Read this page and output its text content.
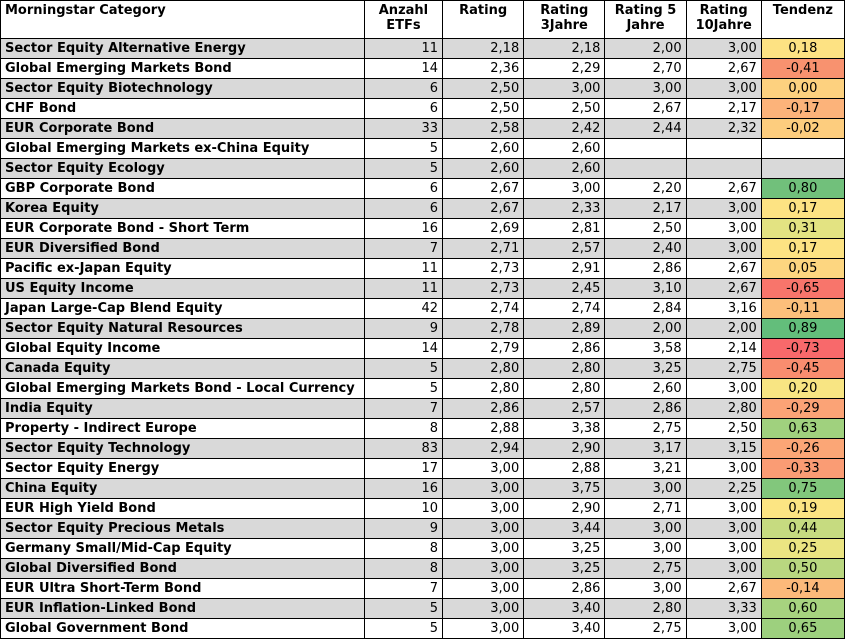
Morningstar Category	Anzahl ETFs	Rating	Rating 3Jahre	Rating 5 Jahre	Rating 10Jahre	Tendenz
Sector Equity Alternative Energy	11	2,18	2,18	2,00	3,00	0,18
Global Emerging Markets Bond	14	2,36	2,29	2,70	2,67	-0,41
Sector Equity Biotechnology	6	2,50	3,00	3,00	3,00	0,00
CHF Bond	6	2,50	2,50	2,67	2,17	-0,17
EUR Corporate Bond	33	2,58	2,42	2,44	2,32	-0,02
Global Emerging Markets ex-China Equity	5	2,60	2,60			
Sector Equity Ecology	5	2,60	2,60			
GBP Corporate Bond	6	2,67	3,00	2,20	2,67	0,80
Korea Equity	6	2,67	2,33	2,17	3,00	0,17
EUR Corporate Bond - Short Term	16	2,69	2,81	2,50	3,00	0,31
EUR Diversified Bond	7	2,71	2,57	2,40	3,00	0,17
Pacific ex-Japan Equity	11	2,73	2,91	2,86	2,67	0,05
US Equity Income	11	2,73	2,45	3,10	2,67	-0,65
Japan Large-Cap Blend Equity	42	2,74	2,74	2,84	3,16	-0,11
Sector Equity Natural Resources	9	2,78	2,89	2,00	2,00	0,89
Global Equity Income	14	2,79	2,86	3,58	2,14	-0,73
Canada Equity	5	2,80	2,80	3,25	2,75	-0,45
Global Emerging Markets Bond - Local Currency	5	2,80	2,80	2,60	3,00	0,20
India Equity	7	2,86	2,57	2,86	2,80	-0,29
Property - Indirect Europe	8	2,88	3,38	2,75	2,50	0,63
Sector Equity Technology	83	2,94	2,90	3,17	3,15	-0,26
Sector Equity Energy	17	3,00	2,88	3,21	3,00	-0,33
China Equity	16	3,00	3,75	3,00	2,25	0,75
EUR High Yield Bond	10	3,00	2,90	2,71	3,00	0,19
Sector Equity Precious Metals	9	3,00	3,44	3,00	3,00	0,44
Germany Small/Mid-Cap Equity	8	3,00	3,25	3,00	3,00	0,25
Global Diversified Bond	8	3,00	3,25	2,75	3,00	0,50
EUR Ultra Short-Term Bond	7	3,00	2,86	3,00	2,67	-0,14
EUR Inflation-Linked Bond	5	3,00	3,40	2,80	3,33	0,60
Global Government Bond	5	3,00	3,40	2,75	3,00	0,65
